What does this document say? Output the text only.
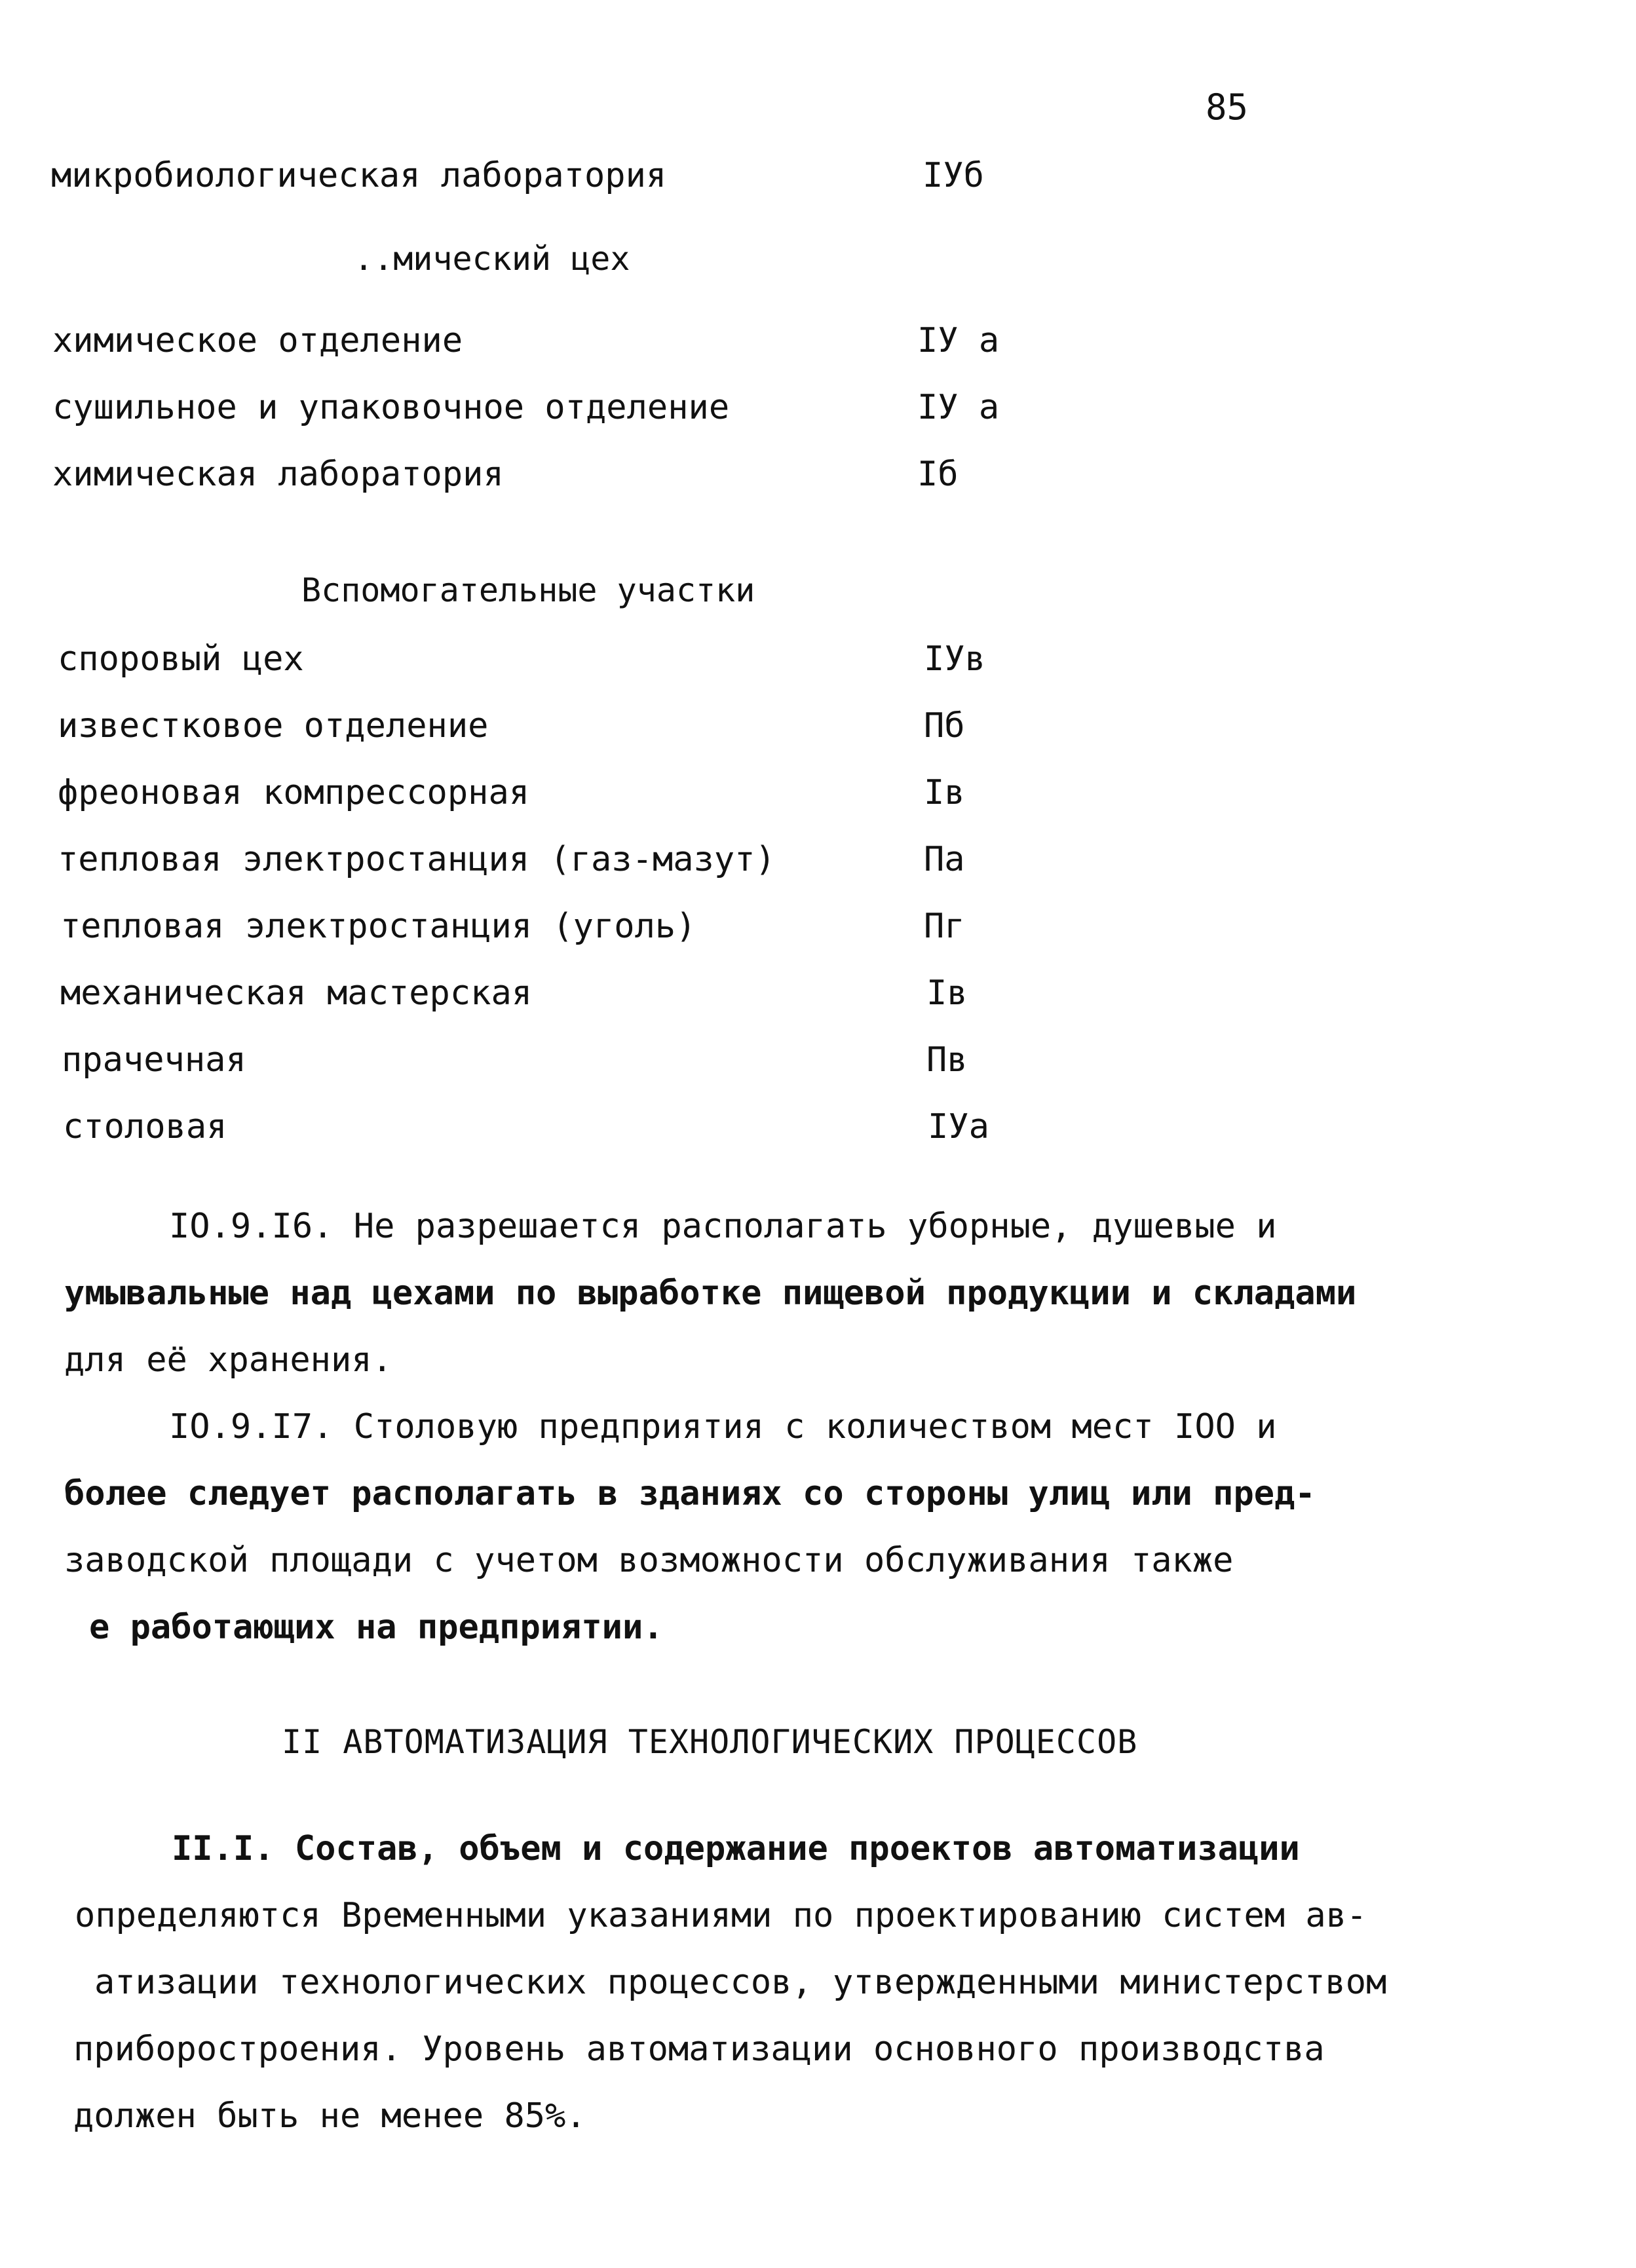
85
микробиологическая лаборатория	IУб
..мический цех
химическое отделение	IУ а
сушильное и упаковочное отделение	IУ а
химическая лаборатория	Iб
Вспомогательные участки
споровый цех	IУв
известковое отделение	Пб
фреоновая компрессорная	Iв
тепловая электростанция (газ-мазут)	Па
тепловая электростанция (уголь)	Пг
механическая мастерская	Iв
прачечная	Пв
столовая	IУа
IO.9.I6. Не разрешается располагать уборные, душевые и
умывальные над цехами по выработке пищевой продукции и складами
для её хранения.
IO.9.I7. Столовую предприятия с количеством мест IOO и
более следует располагать в зданиях со стороны улиц или пред-
заводской площади с учетом возможности обслуживания также
е работающих на предприятии.
II АВТОМАТИЗАЦИЯ ТЕХНОЛОГИЧЕСКИХ ПРОЦЕССОВ
II.I. Состав, объем и содержание проектов автоматизации
определяются Временными указаниями по проектированию систем ав-
атизации технологических процессов, утвержденными министерством
приборостроения. Уровень автоматизации основного производства
должен быть не менее 85%.
